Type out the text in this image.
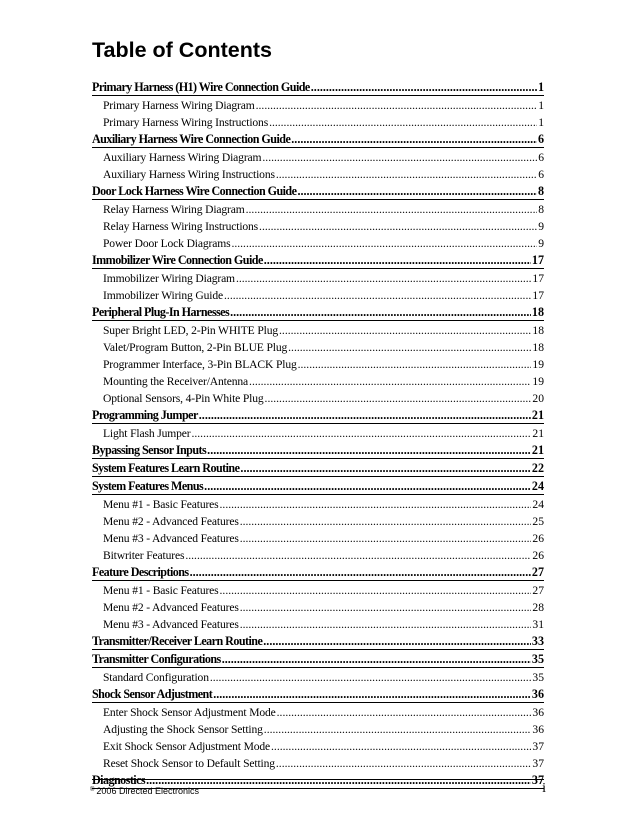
Table of Contents
Primary Harness (H1) Wire Connection Guide .....	1
Primary Harness Wiring Diagram .....	1
Primary Harness Wiring Instructions .....	1
Auxiliary Harness Wire Connection Guide .....	6
Auxiliary Harness Wiring Diagram .....	6
Auxiliary Harness Wiring Instructions .....	6
Door Lock Harness Wire Connection Guide .....	8
Relay Harness Wiring Diagram .....	8
Relay Harness Wiring Instructions .....	9
Power Door Lock Diagrams .....	9
Immobilizer Wire Connection Guide .....	17
Immobilizer Wiring Diagram .....	17
Immobilizer Wiring Guide .....	17
Peripheral Plug-In Harnesses .....	18
Super Bright LED, 2-Pin WHITE Plug .....	18
Valet/Program Button, 2-Pin BLUE Plug .....	18
Programmer Interface, 3-Pin BLACK Plug .....	19
Mounting the Receiver/Antenna .....	19
Optional Sensors, 4-Pin White Plug .....	20
Programming Jumper .....	21
Light Flash Jumper .....	21
Bypassing Sensor Inputs .....	21
System Features Learn Routine .....	22
System Features Menus .....	24
Menu #1 - Basic Features .....	24
Menu #2 - Advanced Features .....	25
Menu #3 - Advanced Features .....	26
Bitwriter Features .....	26
Feature Descriptions .....	27
Menu #1 - Basic Features .....	27
Menu #2 - Advanced Features .....	28
Menu #3 - Advanced Features .....	31
Transmitter/Receiver Learn Routine .....	33
Transmitter Configurations .....	35
Standard Configuration .....	35
Shock Sensor Adjustment .....	36
Enter Shock Sensor Adjustment Mode .....	36
Adjusting the Shock Sensor Setting .....	36
Exit Shock Sensor Adjustment Mode .....	37
Reset Shock Sensor to Default Setting .....	37
Diagnostics .....	37
© 2006 Directed Electronics	i
